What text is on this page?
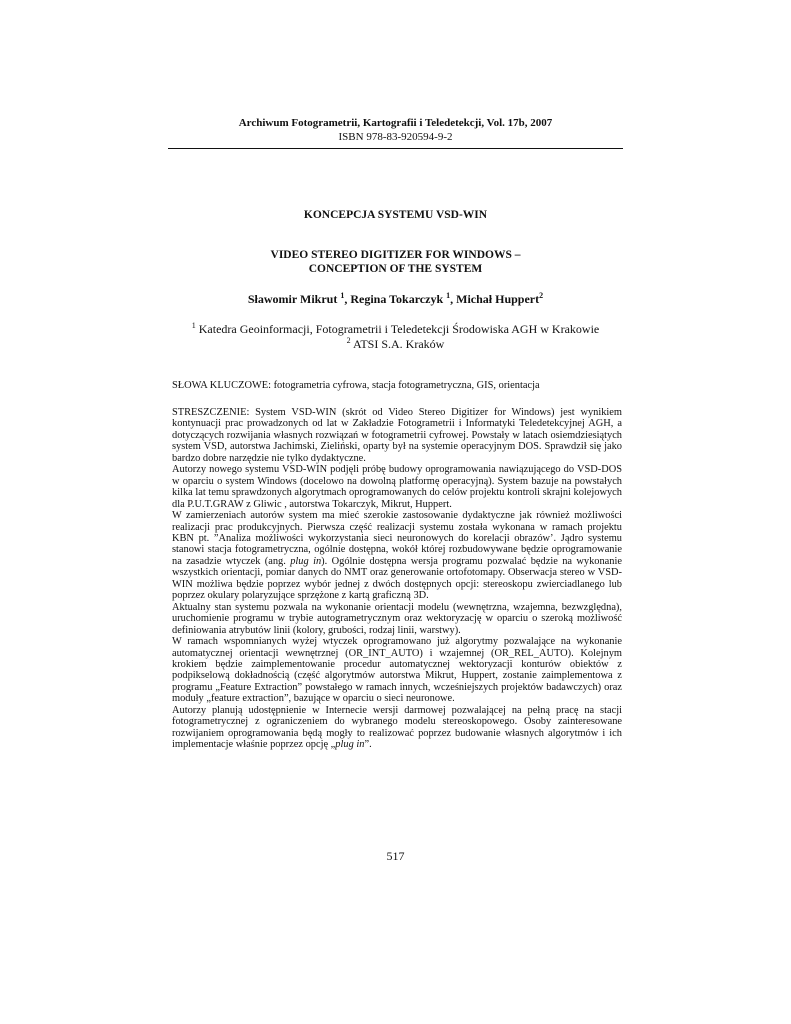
Archiwum Fotogrametrii, Kartografii i Teledetekcji, Vol. 17b, 2007
ISBN 978-83-920594-9-2
KONCEPCJA SYSTEMU VSD-WIN
VIDEO STEREO DIGITIZER FOR WINDOWS –
CONCEPTION OF THE SYSTEM
Sławomir Mikrut $^1$, Regina Tokarczyk $^1$, Michał Huppert$^2$
$^1$ Katedra Geoinformacji, Fotogrametrii i Teledetekcji Środowiska AGH w Krakowie
$^2$ ATSI S.A. Kraków
SŁOWA KLUCZOWE: fotogrametria cyfrowa, stacja fotogrametryczna, GIS, orientacja

STRESZCZENIE: System VSD-WIN (skrót od Video Stereo Digitizer for Windows) jest wynikiem kontynuacji prac prowadzonych od lat w Zakładzie Fotogrametrii i Informatyki Teledetekcyjnej AGH, a dotyczących rozwijania własnych rozwiązań w fotogrametrii cyfrowej. Powstały w latach osiemdziesiątych system VSD, autorstwa Jachimski, Zieliński, oparty był na systemie operacyjnym DOS. Sprawdził się jako bardzo dobre narzędzie nie tylko dydaktyczne.

Autorzy nowego systemu VSD-WIN podjęli próbę budowy oprogramowania nawiązującego do VSD-DOS w oparciu o system Windows (docelowo na dowolną platformę operacyjną). System bazuje na powstałych kilka lat temu sprawdzonych algorytmach oprogramowanych do celów projektu kontroli skrajni kolejowych dla P.U.T.GRAW z Gliwic , autorstwa Tokarczyk, Mikrut, Huppert.

W zamierzeniach autorów system ma mieć szerokie zastosowanie dydaktyczne jak również możliwości realizacji prac produkcyjnych. Pierwsza część realizacji systemu została wykonana w ramach projektu KBN pt. ”Analiza możliwości wykorzystania sieci neuronowych do korelacji obrazów’. Jądro systemu stanowi stacja fotogrametryczna, ogólnie dostępna, wokół której rozbudowywane będzie oprogramowanie na zasadzie wtyczek (ang. plug in). Ogólnie dostępna wersja programu pozwalać będzie na wykonanie wszystkich orientacji, pomiar danych do NMT oraz generowanie ortofotomapy. Obserwacja stereo w VSD-WIN możliwa będzie poprzez wybór jednej z dwóch dostępnych opcji: stereoskopu zwierciadlanego lub poprzez okulary polaryzujące sprzężone z kartą graficzną 3D.

Aktualny stan systemu pozwala na wykonanie orientacji modelu (wewnętrzna, wzajemna, bezwzględna), uruchomienie programu w trybie autogrametrycznym oraz wektoryzację w oparciu o szeroką możliwość definiowania atrybutów linii (kolory, grubości, rodzaj linii, warstwy).

W ramach wspomnianych wyżej wtyczek oprogramowano już algorytmy pozwalające na wykonanie automatycznej orientacji wewnętrznej (OR_INT_AUTO) i wzajemnej (OR_REL_AUTO). Kolejnym krokiem będzie zaimplementowanie procedur automatycznej wektoryzacji konturów obiektów z podpikselową dokładnością (część algorytmów autorstwa Mikrut, Huppert, zostanie zaimplementowa z programu „Feature Extraction” powstałego w ramach innych, wcześniejszych projektów badawczych) oraz moduły „feature extraction”, bazujące w oparciu o sieci neuronowe.

Autorzy planują udostępnienie w Internecie wersji darmowej pozwalającej na pełną pracę na stacji fotogrametrycznej z ograniczeniem do wybranego modelu stereoskopowego. Osoby zainteresowane rozwijaniem oprogramowania będą mogły to realizować poprzez budowanie własnych algorytmów i ich implementacje właśnie poprzez opcję „plug in”.

517
